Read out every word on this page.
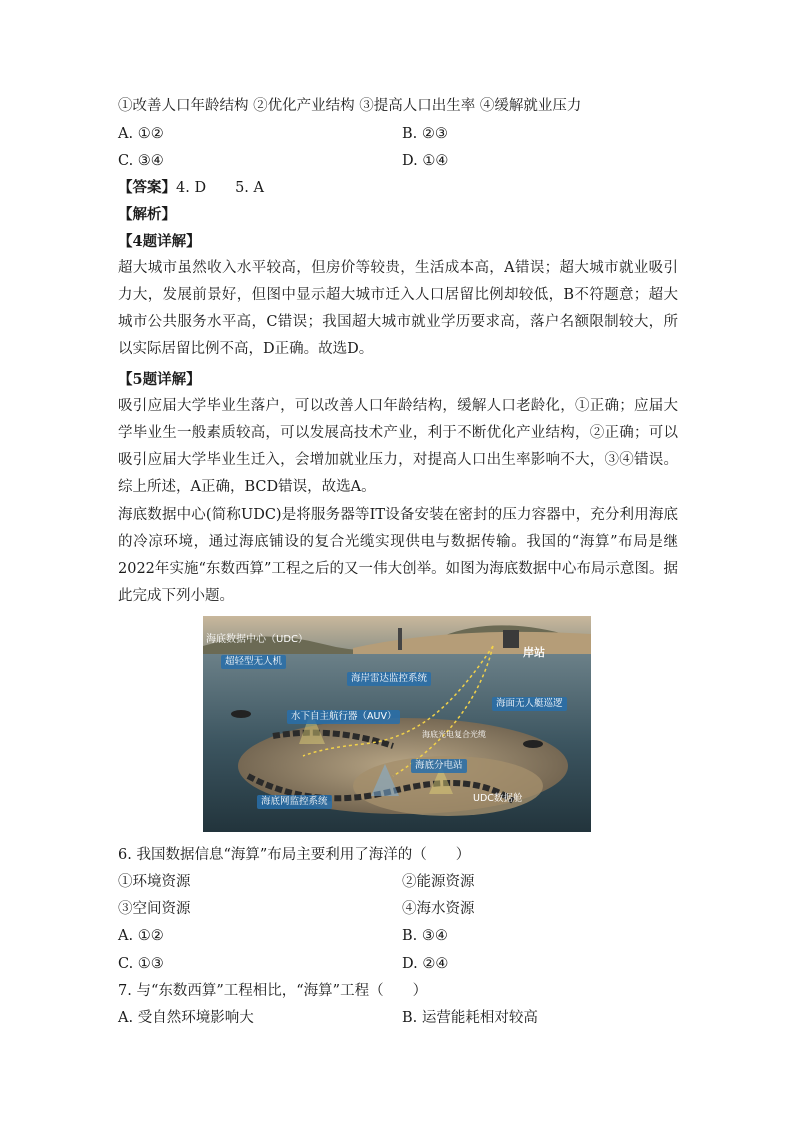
①改善人口年龄结构 ②优化产业结构 ③提高人口出生率 ④缓解就业压力
A. ①②	B. ②③
C. ③④	D. ①④
【答案】4. D　　5. A
【解析】
【4题详解】
超大城市虽然收入水平较高，但房价等较贵，生活成本高，A错误；超大城市就业吸引力大，发展前景好，但图中显示超大城市迁入人口居留比例却较低，B不符题意；超大城市公共服务水平高，C错误；我国超大城市就业学历要求高，落户名额限制较大，所以实际居留比例不高，D正确。故选D。
【5题详解】
吸引应届大学毕业生落户，可以改善人口年龄结构，缓解人口老龄化，①正确；应届大学毕业生一般素质较高，可以发展高技术产业，利于不断优化产业结构，②正确；可以吸引应届大学毕业生迁入，会增加就业压力，对提高人口出生率影响不大，③④错误。综上所述，A正确，BCD错误，故选A。
海底数据中心(简称UDC)是将服务器等IT设备安装在密封的压力容器中，充分利用海底的冷凉环境，通过海底铺设的复合光缆实现供电与数据传输。我国的“海算”布局是继2022年实施“东数西算”工程之后的又一伟大创举。如图为海底数据中心布局示意图。据此完成下列小题。
海底数据中心（UDC）
超轻型无人机
岸站
海岸雷达监控系统
海面无人艇巡逻
水下自主航行器（AUV）
海底光电复合光缆
海底分电站
UDC数据舱
海底网监控系统
6. 我国数据信息“海算”布局主要利用了海洋的（　　）
①环境资源	②能源资源
③空间资源	④海水资源
A. ①②	B. ③④
C. ①③	D. ②④
7. 与“东数西算”工程相比，“海算”工程（　　）
A. 受自然环境影响大	B. 运营能耗相对较高
